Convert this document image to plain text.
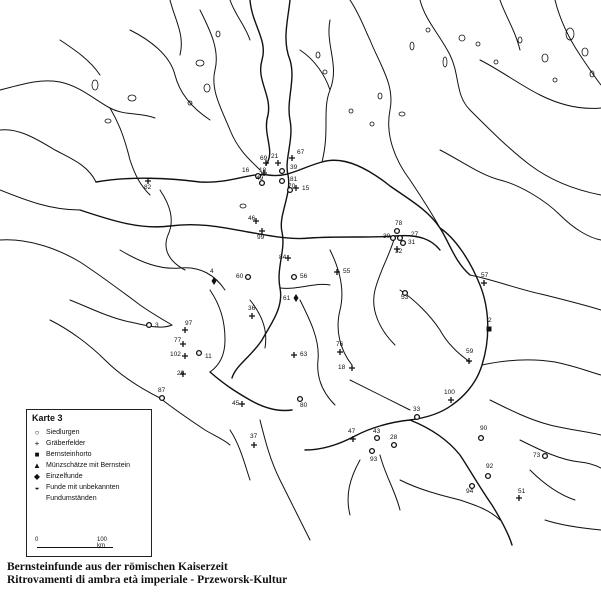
67
69 21
16 18
49
39
81
70 15
82
46
99
78
30	27
31
32
84
56
55
4
60
61
57
53
2
36
3	97
77
102	11
26
63
76
18
59
87
45	80
100
33
37
47	43
28
93
90
92
73
94	51
Karte 3
○ Siedlurgen
+ Gräberfelder
■ Bernsteinhorto
▲ Münzschätze mit Bernstein
◆ Einzelfunde
◒ Funde mit unbekannten
Fundumständen
0	100 km
Bernsteinfunde aus der römischen Kaiserzeit
Ritrovamenti di ambra età imperiale - Przeworsk-Kultur
